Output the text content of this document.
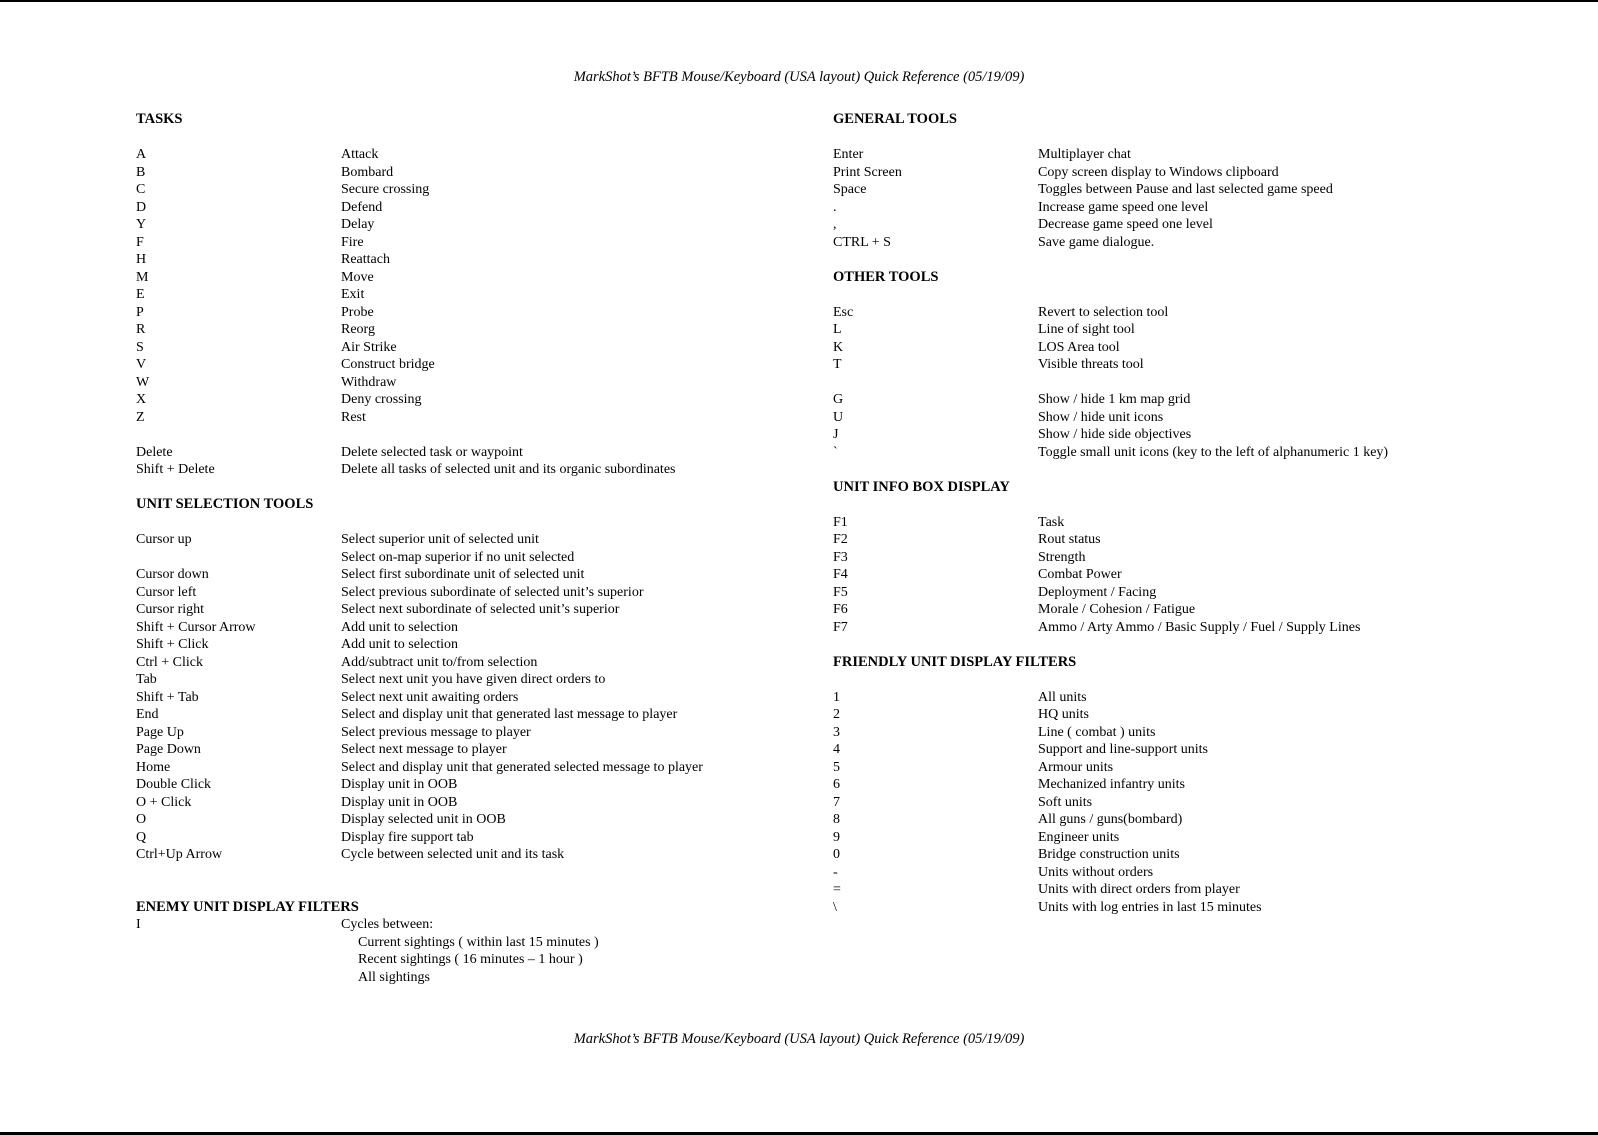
MarkShot’s BFTB Mouse/Keyboard (USA layout) Quick Reference (05/19/09)
TASKS
A	Attack
B	Bombard
C	Secure crossing
D	Defend
Y	Delay
F	Fire
H	Reattach
M	Move
E	Exit
P	Probe
R	Reorg
S	Air Strike
V	Construct bridge
W	Withdraw
X	Deny crossing
Z	Rest
Delete	Delete selected task or waypoint
Shift + Delete	Delete all tasks of selected unit and its organic subordinates
UNIT SELECTION TOOLS
Cursor up	Select superior unit of selected unit
Select on-map superior if no unit selected
Cursor down	Select first subordinate unit of selected unit
Cursor left	Select previous subordinate of selected unit’s superior
Cursor right	Select next subordinate of selected unit’s superior
Shift + Cursor Arrow	Add unit to selection
Shift + Click	Add unit to selection
Ctrl + Click	Add/subtract unit to/from selection
Tab	Select next unit you have given direct orders to
Shift + Tab	Select next unit awaiting orders
End	Select and display unit that generated last message to player
Page Up	Select previous message to player
Page Down	Select next message to player
Home	Select and display unit that generated selected message to player
Double Click	Display unit in OOB
O + Click	Display unit in OOB
O	Display selected unit in OOB
Q	Display fire support tab
Ctrl+Up Arrow	Cycle between selected unit and its task
ENEMY UNIT DISPLAY FILTERS
I	Cycles between:
Current sightings ( within last 15 minutes )
Recent sightings ( 16 minutes – 1 hour )
All sightings
GENERAL TOOLS
Enter	Multiplayer chat
Print Screen	Copy screen display to Windows clipboard
Space	Toggles between Pause and last selected game speed
.	Increase game speed one level
,	Decrease game speed one level
CTRL + S	Save game dialogue.
OTHER TOOLS
Esc	Revert to selection tool
L	Line of sight tool
K	LOS Area tool
T	Visible threats tool
G	Show / hide 1 km map grid
U	Show / hide unit icons
J	Show / hide side objectives
`	Toggle small unit icons (key to the left of alphanumeric 1 key)
UNIT INFO BOX DISPLAY
F1	Task
F2	Rout status
F3	Strength
F4	Combat Power
F5	Deployment / Facing
F6	Morale / Cohesion / Fatigue
F7	Ammo / Arty Ammo / Basic Supply / Fuel / Supply Lines
FRIENDLY UNIT DISPLAY FILTERS
1	All units
2	HQ units
3	Line ( combat ) units
4	Support and line-support units
5	Armour units
6	Mechanized infantry units
7	Soft units
8	All guns / guns(bombard)
9	Engineer units
0	Bridge construction units
-	Units without orders
=	Units with direct orders from player
\	Units with log entries in last 15 minutes
MarkShot’s BFTB Mouse/Keyboard (USA layout) Quick Reference (05/19/09)
